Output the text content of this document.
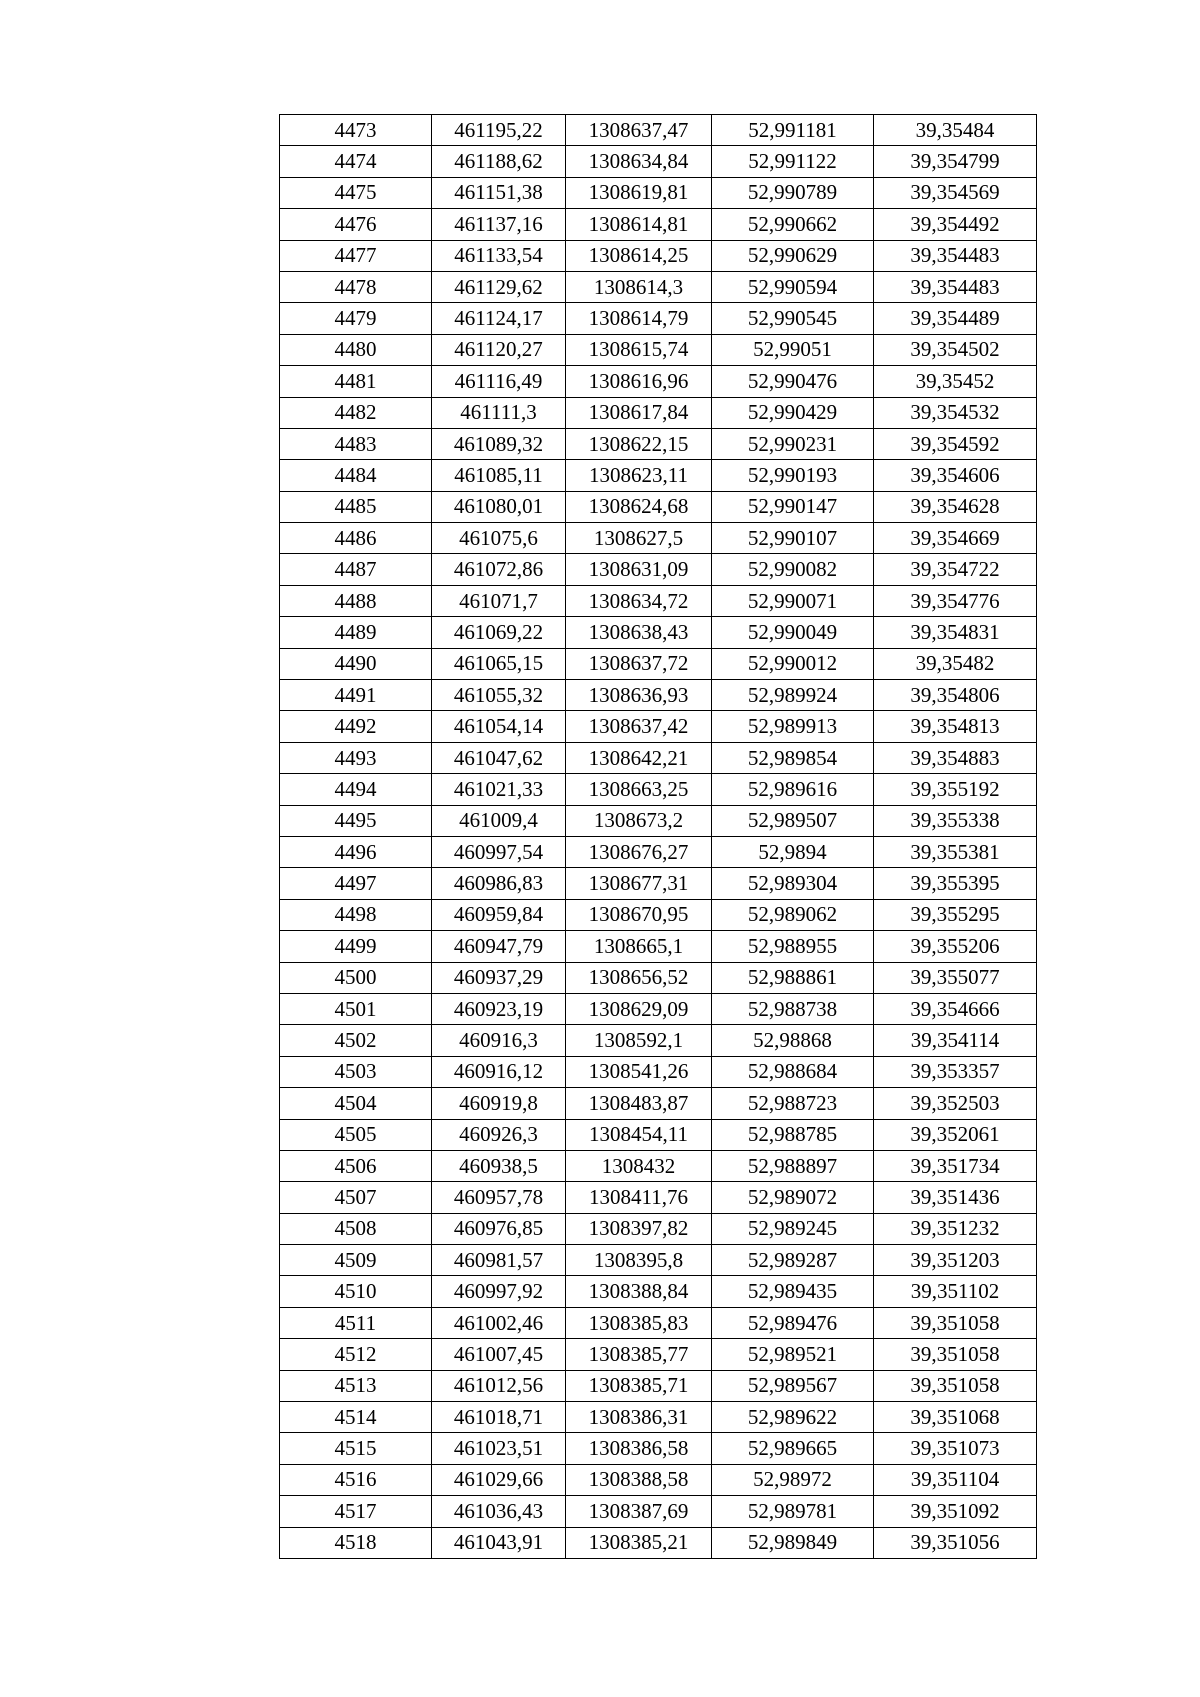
4473	461195,22	1308637,47	52,991181	39,35484
4474	461188,62	1308634,84	52,991122	39,354799
4475	461151,38	1308619,81	52,990789	39,354569
4476	461137,16	1308614,81	52,990662	39,354492
4477	461133,54	1308614,25	52,990629	39,354483
4478	461129,62	1308614,3	52,990594	39,354483
4479	461124,17	1308614,79	52,990545	39,354489
4480	461120,27	1308615,74	52,99051	39,354502
4481	461116,49	1308616,96	52,990476	39,35452
4482	461111,3	1308617,84	52,990429	39,354532
4483	461089,32	1308622,15	52,990231	39,354592
4484	461085,11	1308623,11	52,990193	39,354606
4485	461080,01	1308624,68	52,990147	39,354628
4486	461075,6	1308627,5	52,990107	39,354669
4487	461072,86	1308631,09	52,990082	39,354722
4488	461071,7	1308634,72	52,990071	39,354776
4489	461069,22	1308638,43	52,990049	39,354831
4490	461065,15	1308637,72	52,990012	39,35482
4491	461055,32	1308636,93	52,989924	39,354806
4492	461054,14	1308637,42	52,989913	39,354813
4493	461047,62	1308642,21	52,989854	39,354883
4494	461021,33	1308663,25	52,989616	39,355192
4495	461009,4	1308673,2	52,989507	39,355338
4496	460997,54	1308676,27	52,9894	39,355381
4497	460986,83	1308677,31	52,989304	39,355395
4498	460959,84	1308670,95	52,989062	39,355295
4499	460947,79	1308665,1	52,988955	39,355206
4500	460937,29	1308656,52	52,988861	39,355077
4501	460923,19	1308629,09	52,988738	39,354666
4502	460916,3	1308592,1	52,98868	39,354114
4503	460916,12	1308541,26	52,988684	39,353357
4504	460919,8	1308483,87	52,988723	39,352503
4505	460926,3	1308454,11	52,988785	39,352061
4506	460938,5	1308432	52,988897	39,351734
4507	460957,78	1308411,76	52,989072	39,351436
4508	460976,85	1308397,82	52,989245	39,351232
4509	460981,57	1308395,8	52,989287	39,351203
4510	460997,92	1308388,84	52,989435	39,351102
4511	461002,46	1308385,83	52,989476	39,351058
4512	461007,45	1308385,77	52,989521	39,351058
4513	461012,56	1308385,71	52,989567	39,351058
4514	461018,71	1308386,31	52,989622	39,351068
4515	461023,51	1308386,58	52,989665	39,351073
4516	461029,66	1308388,58	52,98972	39,351104
4517	461036,43	1308387,69	52,989781	39,351092
4518	461043,91	1308385,21	52,989849	39,351056
